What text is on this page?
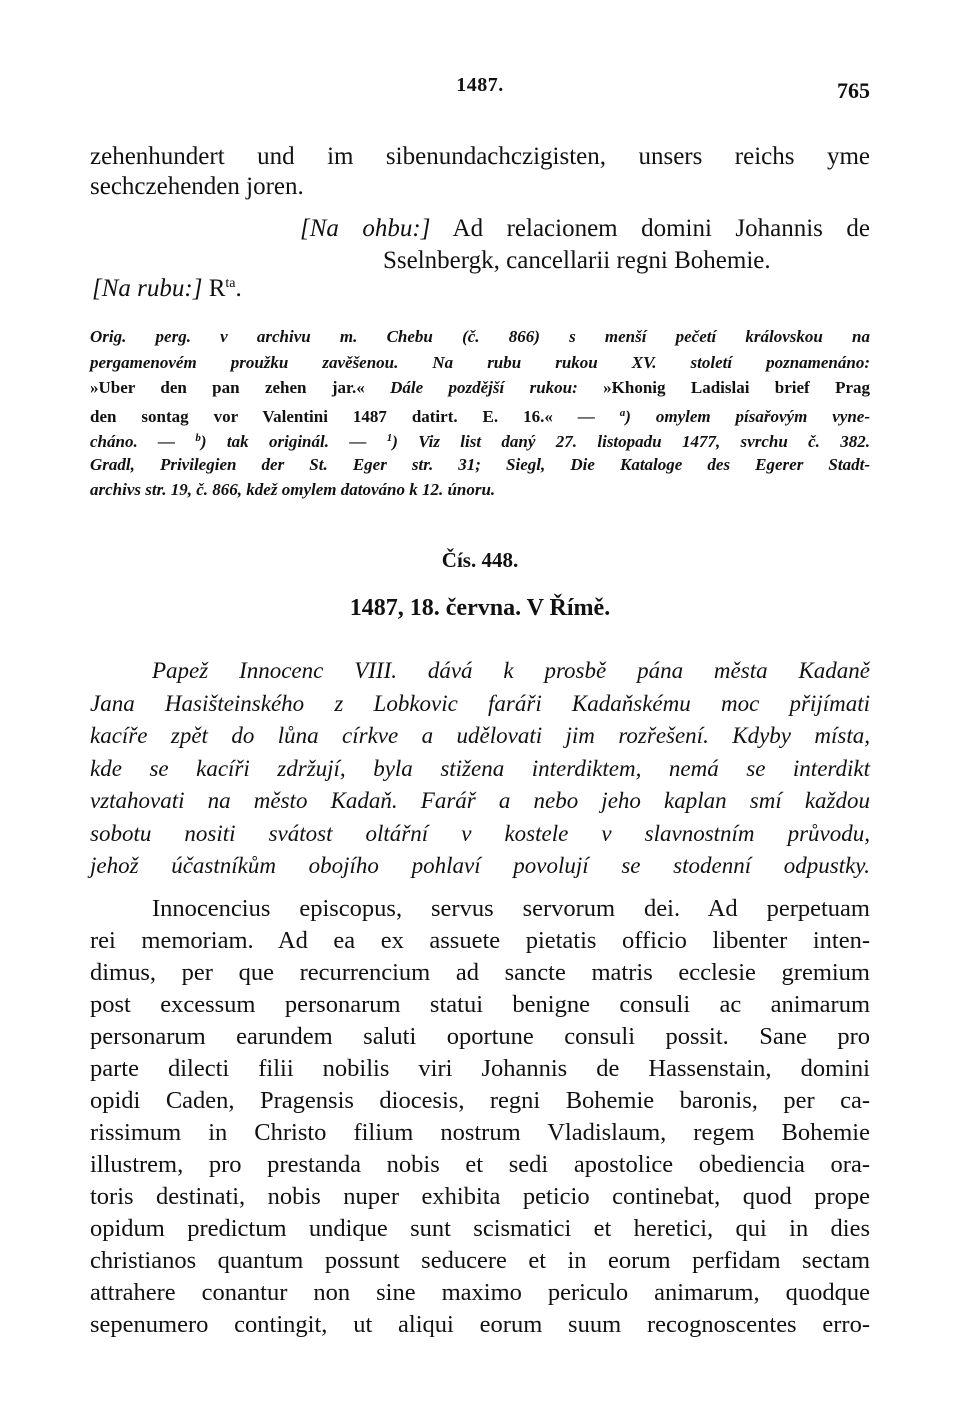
1487.	765
zehenhundert und im sibenundachczigisten, unsers reichs yme
sechczehenden joren.
[Na ohbu:] Ad relacionem domini Johannis de
Sselnbergk, cancellarii regni Bohemie.
[Na rubu:] $R^{ta}$.
Orig. perg. v archivu m. Chebu (č. 866) s menší pečetí královskou na
pergamenovém proužku zavěšenou. Na rubu rukou XV. století poznamenáno:
»Uber den pan zehen jar.« Dále pozdější rukou: »Khonig Ladislai brief Prag
den sontag vor Valentini 1487 datirt. E. 16.« — $^a$) omylem písařovým vyne-
cháno. — $^b$) tak originál. — $^1$) Viz list daný 27. listopadu 1477, svrchu č. 382.
Gradl, Privilegien der St. Eger str. 31; Siegl, Die Kataloge des Egerer Stadt-
archivs str. 19, č. 866, kdež omylem datováno k 12. únoru.
Čís. 448.
1487, 18. června. V Římě.
Papež Innocenc VIII. dává k prosbě pána města Kadaně
Jana Hasišteinského z Lobkovic faráři Kadaňskému moc přijímati
kacíře zpět do lůna církve a udělovati jim rozřešení. Kdyby místa,
kde se kacíři zdržují, byla stižena interdiktem, nemá se interdikt
vztahovati na město Kadaň. Farář a nebo jeho kaplan smí každou
sobotu nositi svátost oltářní v kostele v slavnostním průvodu,
jehož účastníkům obojího pohlaví povolují se stodenní odpustky.
Innocencius episcopus, servus servorum dei. Ad perpetuam
rei memoriam. Ad ea ex assuete pietatis officio libenter inten-
dimus, per que recurrencium ad sancte matris ecclesie gremium
post excessum personarum statui benigne consuli ac animarum
personarum earundem saluti oportune consuli possit. Sane pro
parte dilecti filii nobilis viri Johannis de Hassenstain, domini
opidi Caden, Pragensis diocesis, regni Bohemie baronis, per ca-
rissimum in Christo filium nostrum Vladislaum, regem Bohemie
illustrem, pro prestanda nobis et sedi apostolice obediencia ora-
toris destinati, nobis nuper exhibita peticio continebat, quod prope
opidum predictum undique sunt scismatici et heretici, qui in dies
christianos quantum possunt seducere et in eorum perfidam sectam
attrahere conantur non sine maximo periculo animarum, quodque
sepenumero contingit, ut aliqui eorum suum recognoscentes erro-
